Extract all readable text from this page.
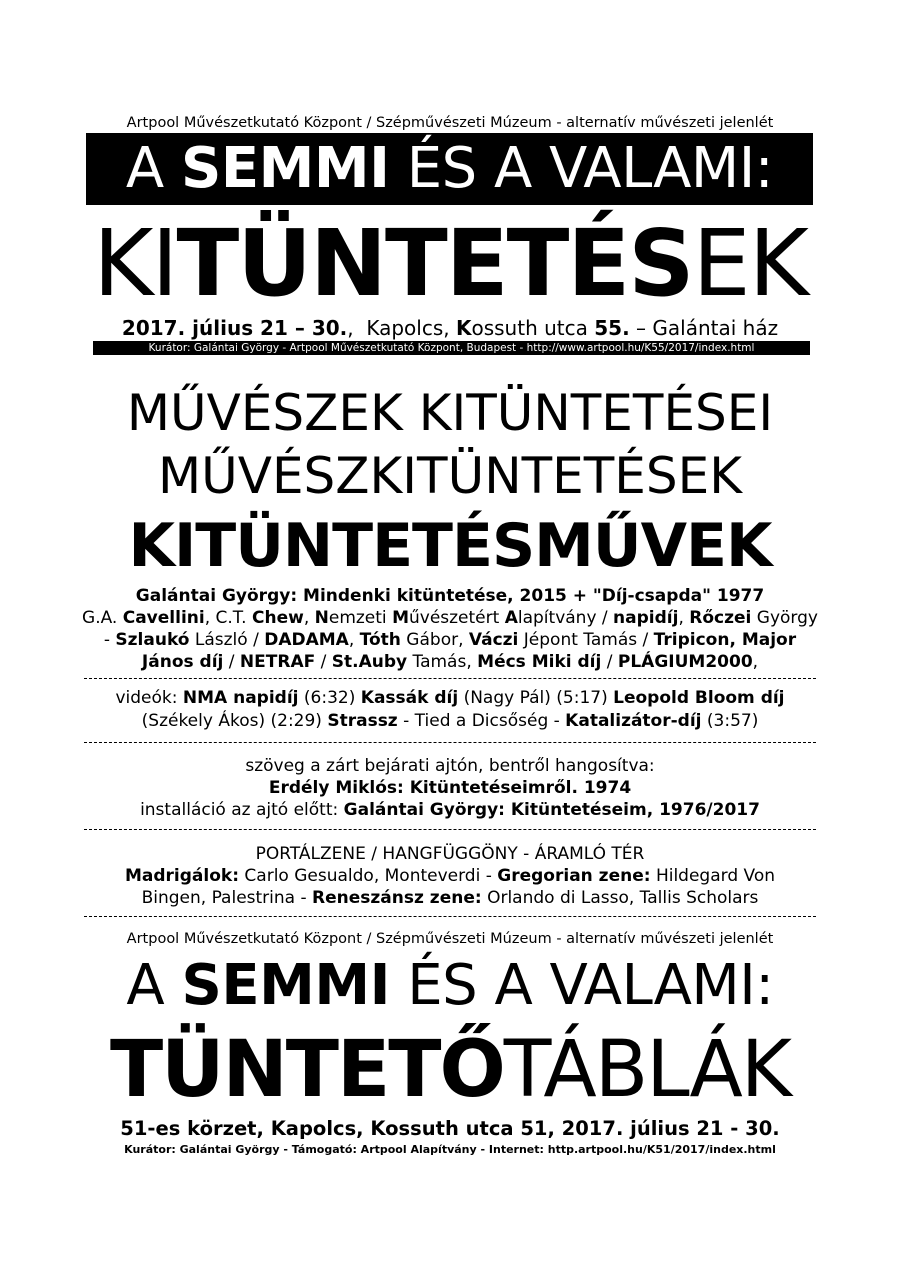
Artpool Művészetkutató Központ / Szépművészeti Múzeum - alternatív művészeti jelenlét
A SEMMI ÉS A VALAMI:
KITÜNTETÉSEK
2017. július 21 – 30.,  Kapolcs, Kossuth utca 55. – Galántai ház
Kurátor: Galántai György - Artpool Művészetkutató Központ, Budapest - http://www.artpool.hu/K55/2017/index.html
MŰVÉSZEK KITÜNTETÉSEI
MŰVÉSZKITÜNTETÉSEK
KITÜNTETÉSMŰVEK
Galántai György: Mindenki kitüntetése, 2015 + "Díj-csapda" 1977
G.A. Cavellini, C.T. Chew, Nemzeti Művészetért Alapítvány / napidíj, Rőczei György
- Szlaukó László / DADAMA, Tóth Gábor, Váczi Jépont Tamás / Tripicon, Major
János díj / NETRAF / St.Auby Tamás, Mécs Miki díj / PLÁGIUM2000,
videók: NMA napidíj (6:32) Kassák díj (Nagy Pál) (5:17) Leopold Bloom díj
(Székely Ákos) (2:29) Strassz - Tied a Dicsőség - Katalizátor-díj (3:57)
szöveg a zárt bejárati ajtón, bentről hangosítva:
Erdély Miklós: Kitüntetéseimről. 1974
installáció az ajtó előtt: Galántai György: Kitüntetéseim, 1976/2017
PORTÁLZENE / HANGFÜGGÖNY - ÁRAMLÓ TÉR
Madrigálok: Carlo Gesualdo, Monteverdi - Gregorian zene: Hildegard Von
Bingen, Palestrina - Reneszánsz zene: Orlando di Lasso, Tallis Scholars
Artpool Művészetkutató Központ / Szépművészeti Múzeum - alternatív művészeti jelenlét
A SEMMI ÉS A VALAMI:
TÜNTETŐTÁBLÁK
51-es körzet, Kapolcs, Kossuth utca 51, 2017. július 21 - 30.
Kurátor: Galántai György - Támogató: Artpool Alapítvány - Internet: http.artpool.hu/K51/2017/index.html
